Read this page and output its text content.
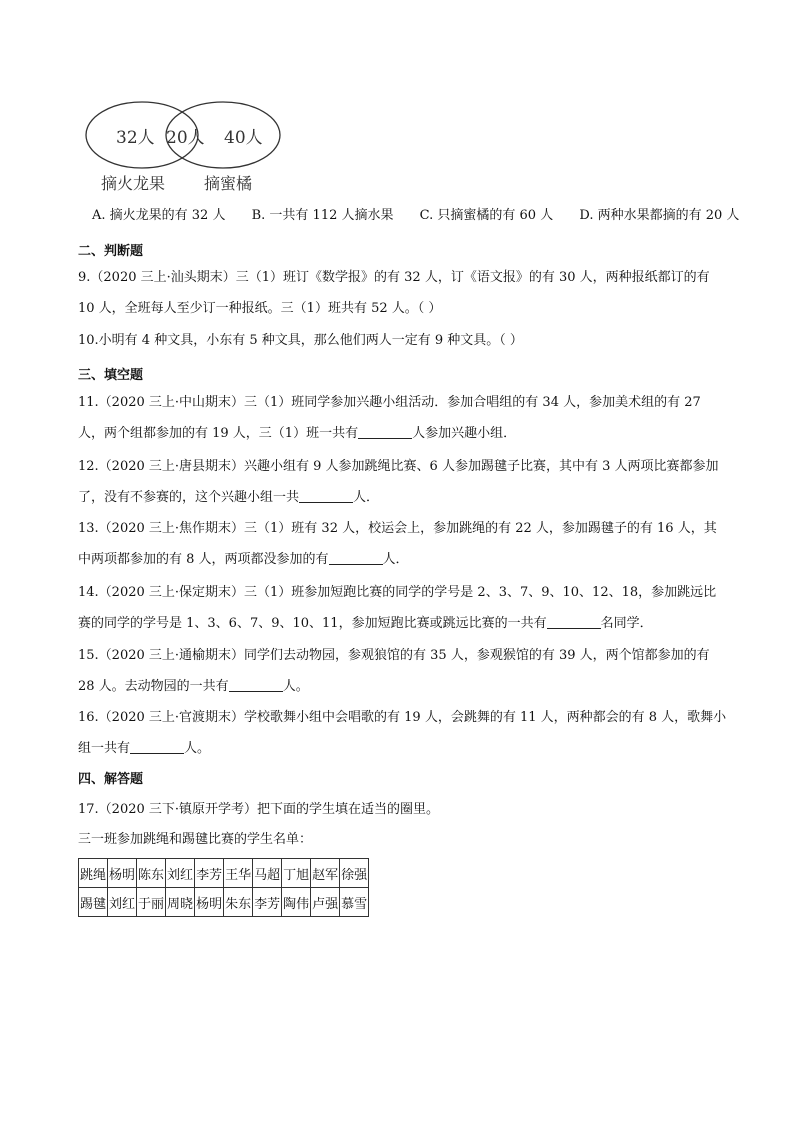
32人 20人 40人
摘火龙果 摘蜜橘
A. 摘火龙果的有 32 人 B. 一共有 112 人摘水果 C. 只摘蜜橘的有 60 人 D. 两种水果都摘的有 20 人
二、判断题
9.（2020 三上·汕头期末）三（1）班订《数学报》的有 32 人，订《语文报》的有 30 人，两种报纸都订的有 10 人，全班每人至少订一种报纸。三（1）班共有 52 人。（ ）
10.小明有 4 种文具，小东有 5 种文具，那么他们两人一定有 9 种文具。（ ）
三、填空题
11.（2020 三上·中山期末）三（1）班同学参加兴趣小组活动．参加合唱组的有 34 人，参加美术组的有 27 人，两个组都参加的有 19 人，三（1）班一共有	人参加兴趣小组．
12.（2020 三上·唐县期末）兴趣小组有 9 人参加跳绳比赛、6 人参加踢毽子比赛，其中有 3 人两项比赛都参加了，没有不参赛的，这个兴趣小组一共	人．
13.（2020 三上·焦作期末）三（1）班有 32 人，校运会上，参加跳绳的有 22 人，参加踢毽子的有 16 人，其中两项都参加的有 8 人，两项都没参加的有	人．
14.（2020 三上·保定期末）三（1）班参加短跑比赛的同学的学号是 2、3、7、9、10、12、18，参加跳远比赛的同学的学号是 1、3、6、7、9、10、11，参加短跑比赛或跳远比赛的一共有	名同学．
15.（2020 三上·通榆期末）同学们去动物园，参观狼馆的有 35 人，参观猴馆的有 39 人，两个馆都参加的有 28 人。去动物园的一共有	人。
16.（2020 三上·官渡期末）学校歌舞小组中会唱歌的有 19 人，会跳舞的有 11 人，两种都会的有 8 人，歌舞小组一共有	人。
四、解答题
17.（2020 三下·镇原开学考）把下面的学生填在适当的圈里。
三一班参加跳绳和踢毽比赛的学生名单：
跳绳	杨明	陈东	刘红	李芳	王华	马超	丁旭	赵军	徐强
踢毽	刘红	于丽	周晓	杨明	朱东	李芳	陶伟	卢强	慕雪
